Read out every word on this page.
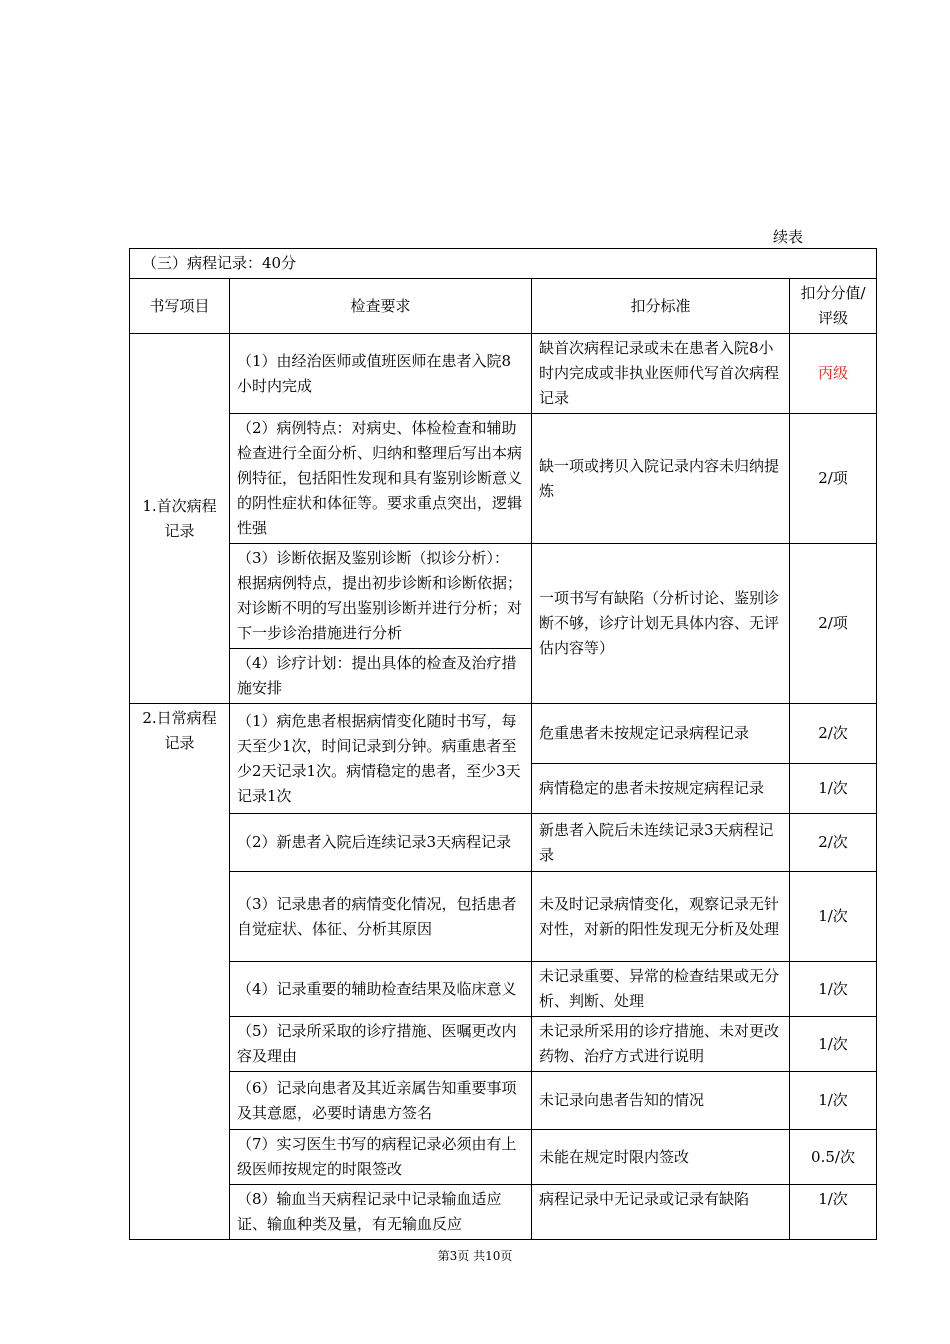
续表
（三）病程记录：40分			
书写项目	检查要求	扣分标准	扣分分值/评级
1.首次病程记录	（1）由经治医师或值班医师在患者入院8小时内完成	缺首次病程记录或未在患者入院8小时内完成或非执业医师代写首次病程记录	丙级
	（2）病例特点：对病史、体检检查和辅助检查进行全面分析、归纳和整理后写出本病例特征，包括阳性发现和具有鉴别诊断意义的阴性症状和体征等。要求重点突出，逻辑性强	缺一项或拷贝入院记录内容未归纳提炼	2/项
	（3）诊断依据及鉴别诊断（拟诊分析）：根据病例特点，提出初步诊断和诊断依据；对诊断不明的写出鉴别诊断并进行分析；对下一步诊治措施进行分析	一项书写有缺陷（分析讨论、鉴别诊断不够，诊疗计划无具体内容、无评估内容等）	2/项
	（4）诊疗计划：提出具体的检查及治疗措施安排		
2.日常病程记录	（1）病危患者根据病情变化随时书写，每天至少1次，时间记录到分钟。病重患者至少2天记录1次。病情稳定的患者，至少3天记录1次	危重患者未按规定记录病程记录	2/次
		病情稳定的患者未按规定病程记录	1/次
	（2）新患者入院后连续记录3天病程记录	新患者入院后未连续记录3天病程记录	2/次
	（3）记录患者的病情变化情况，包括患者自觉症状、体征、分析其原因	未及时记录病情变化，观察记录无针对性，对新的阳性发现无分析及处理	1/次
	（4）记录重要的辅助检查结果及临床意义	未记录重要、异常的检查结果或无分析、判断、处理	1/次
	（5）记录所采取的诊疗措施、医嘱更改内容及理由	未记录所采用的诊疗措施、未对更改药物、治疗方式进行说明	1/次
	（6）记录向患者及其近亲属告知重要事项及其意愿，必要时请患方签名	未记录向患者告知的情况	1/次
	（7）实习医生书写的病程记录必须由有上级医师按规定的时限签改	未能在规定时限内签改	0.5/次
	（8）输血当天病程记录中记录输血适应证、输血种类及量，有无输血反应	病程记录中无记录或记录有缺陷	1/次
第3页 共10页
